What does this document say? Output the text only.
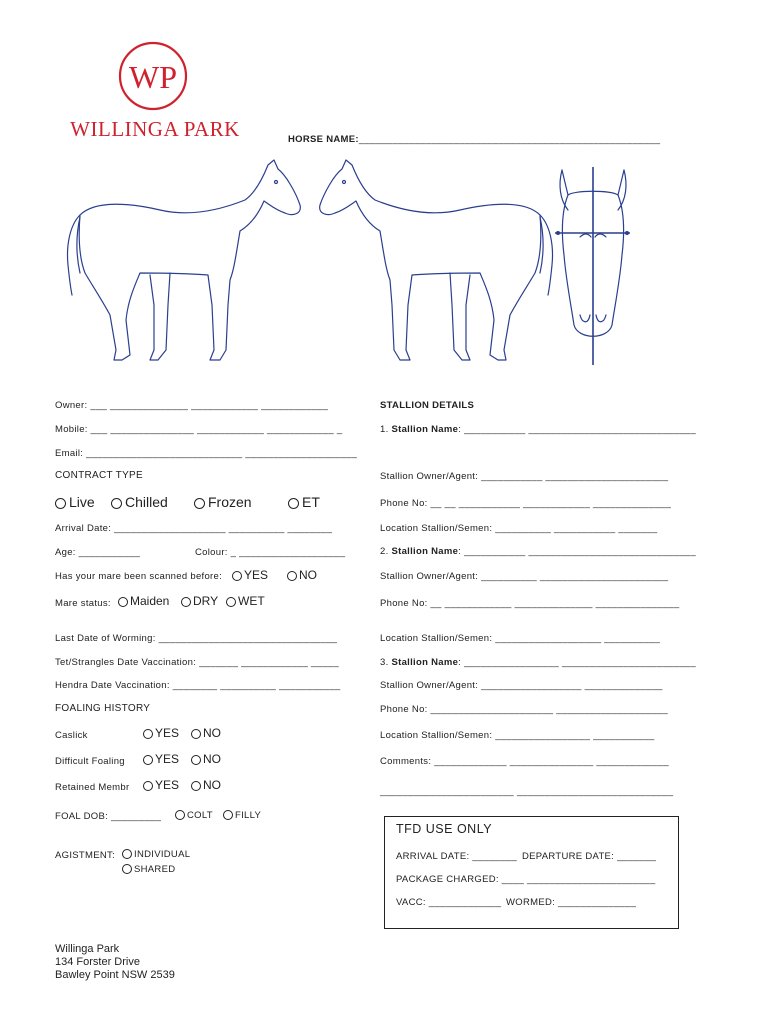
WP
WILLINGA PARK	HORSE NAME:______________________________________________________
Owner: ___ ______________ ____________ ____________
Mobile: ___ _______________ ____________ ____________ _
Email: ____________________________ ____________________
CONTRACT TYPE
Live	Chilled	Frozen	ET
Arrival Date: ____________________ __________ ________
Age: ___________	Colour: _ ___________________
Has your mare been scanned before:	YES	NO
Mare status:	Maiden	DRY	WET
Last Date of Worming: ________________________________
Tet/Strangles Date Vaccination: _______ ____________ _____
Hendra Date Vaccination: ________ __________ ___________
FOALING HISTORY
Caslick	YES	NO
Difficult Foaling	YES	NO
Retained Membr	YES	NO
FOAL DOB: _________	COLT	FILLY
AGISTMENT:	INDIVIDUAL
SHARED
STALLION DETAILS
1. Stallion Name: ___________ ______________________________
Stallion Owner/Agent: ___________ ______________________
Phone No: __ __ ___________ ____________ ______________
Location Stallion/Semen: __________ ___________ _______
2. Stallion Name: ___________ ______________________________
Stallion Owner/Agent: __________ _______________________
Phone No: __ ____________ ______________ _______________
Location Stallion/Semen: ___________________ __________
3. Stallion Name: _________________ ________________________
Stallion Owner/Agent: __________________ ______________
Phone No: ______________________ ____________________
Location Stallion/Semen: _________________ ___________
Comments: _____________ _______________ _____________
________________________ ____________________________
TFD USE ONLY
ARRIVAL DATE: ________ DEPARTURE DATE: _______
PACKAGE CHARGED: ____ _______________________
VACC: _____________ WORMED: ______________
Willinga Park
134 Forster Drive
Bawley Point NSW 2539
